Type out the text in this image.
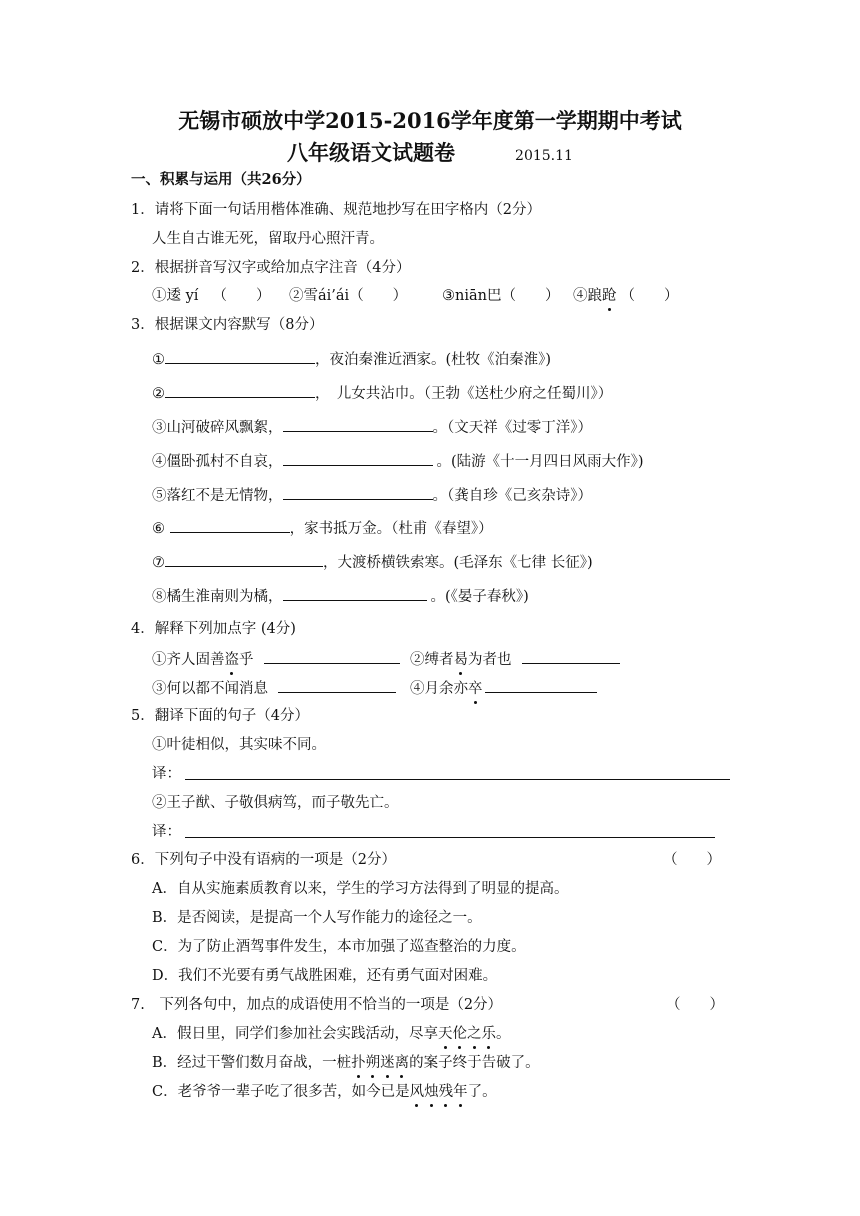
无锡市硕放中学2015-2016学年度第一学期期中考试
八年级语文试题卷	2015.11
一、积累与运用（共26分）
1．请将下面一句话用楷体准确、规范地抄写在田字格内（2分）
人生自古谁无死，留取丹心照汗青。
2．根据拼音写汉字或给加点字注音（4分）
①逶 yí （　　） ②雪ái’ái（　　） ③niān巴（　　） ④踉跄 （　　）
3．根据课文内容默写（8分）
①	，夜泊秦淮近酒家。(杜牧《泊秦淮》)
②	，　儿女共沾巾。（王勃《送杜少府之任蜀川》）
③山河破碎风飘絮，	。（文天祥《过零丁洋》）
④僵卧孤村不自哀，	。(陆游《十一月四日风雨大作》)
⑤落红不是无情物，	。（龚自珍《己亥杂诗》）
⑥	，家书抵万金。（杜甫《春望》）
⑦	，大渡桥横铁索寒。(毛泽东《七律 长征》)
⑧橘生淮南则为橘，	。(《晏子春秋》)
4．解释下列加点字 (4分)
①齐人固善盗乎	②缚者曷为者也
③何以都不闻消息	④月余亦卒
5．翻译下面的句子（4分）
①叶徒相似，其实味不同。
译：
②王子猷、子敬俱病笃，而子敬先亡。
译：
6．下列句子中没有语病的一项是（2分）	（　　）
A．自从实施素质教育以来，学生的学习方法得到了明显的提高。
B．是否阅读，是提高一个人写作能力的途径之一。
C．为了防止酒驾事件发生，本市加强了巡查整治的力度。
D．我们不光要有勇气战胜困难，还有勇气面对困难。
7.　下列各句中，加点的成语使用不恰当的一项是（2分）	（　　）
A．假日里，同学们参加社会实践活动，尽享天伦之乐。
B．经过干警们数月奋战，一桩扑朔迷离的案子终于告破了。
C．老爷爷一辈子吃了很多苦，如今已是风烛残年了。
